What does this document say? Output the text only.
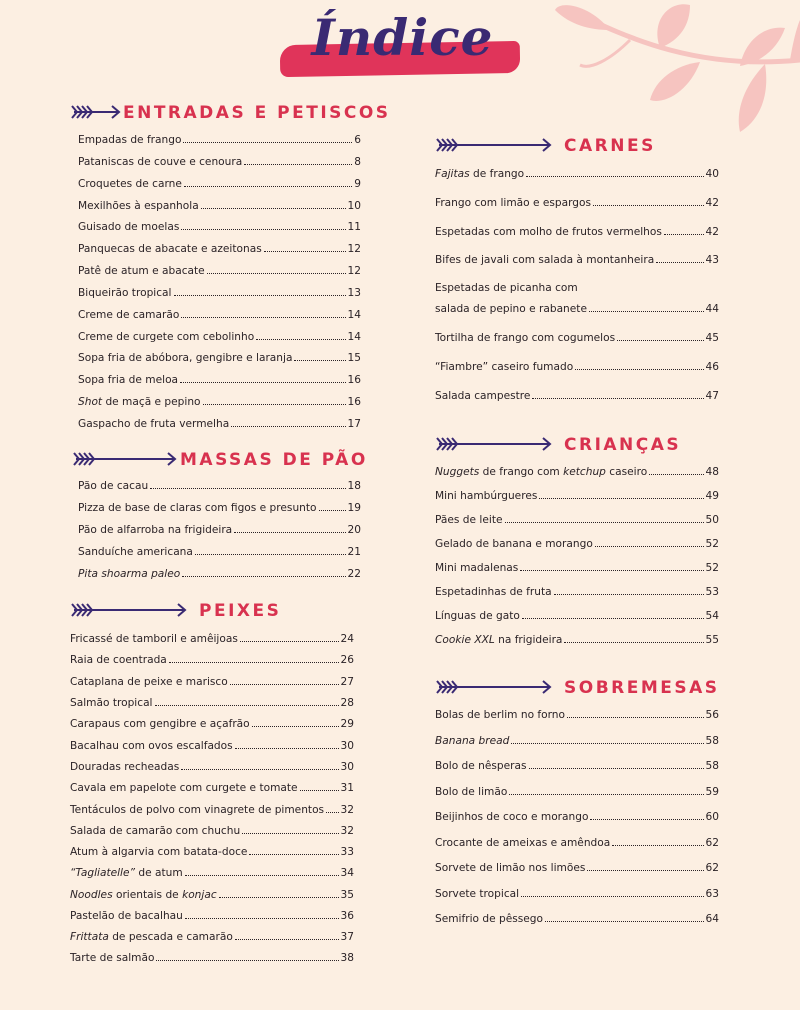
Índice
ENTRADAS E PETISCOS
Empadas de frango	6
Pataniscas de couve e cenoura	8
Croquetes de carne	9
Mexilhões à espanhola	10
Guisado de moelas	11
Panquecas de abacate e azeitonas	12
Patê de atum e abacate	12
Biqueirão tropical	13
Creme de camarão	14
Creme de curgete com cebolinho	14
Sopa fria de abóbora, gengibre e laranja	15
Sopa fria de meloa	16
Shot de maçã e pepino	16
Gaspacho de fruta vermelha	17
MASSAS DE PÃO
Pão de cacau	18
Pizza de base de claras com figos e presunto	19
Pão de alfarroba na frigideira	20
Sanduíche americana	21
Pita shoarma paleo	22
PEIXES
Fricassé de tamboril e amêijoas	24
Raia de coentrada	26
Cataplana de peixe e marisco	27
Salmão tropical	28
Carapaus com gengibre e açafrão	29
Bacalhau com ovos escalfados	30
Douradas recheadas	30
Cavala em papelote com curgete e tomate	31
Tentáculos de polvo com vinagrete de pimentos 32
Salada de camarão com chuchu	32
Atum à algarvia com batata-doce	33
“Tagliatelle” de atum	34
Noodles orientais de konjac	35
Pastelão de bacalhau	36
Frittata de pescada e camarão	37
Tarte de salmão	38
CARNES
Fajitas de frango	40
Frango com limão e espargos	42
Espetadas com molho de frutos vermelhos	42
Bifes de javali com salada à montanheira	43
Espetadas de picanha com
salada de pepino e rabanete	44
Tortilha de frango com cogumelos	45
“Fiambre” caseiro fumado	46
Salada campestre	47
CRIANÇAS
Nuggets de frango com ketchup caseiro	48
Mini hambúrgueres	49
Pães de leite	50
Gelado de banana e morango	52
Mini madalenas	52
Espetadinhas de fruta	53
Línguas de gato	54
Cookie XXL na frigideira	55
SOBREMESAS
Bolas de berlim no forno	56
Banana bread	58
Bolo de nêsperas	58
Bolo de limão	59
Beijinhos de coco e morango	60
Crocante de ameixas e amêndoa	62
Sorvete de limão nos limões	62
Sorvete tropical	63
Semifrio de pêssego	64
